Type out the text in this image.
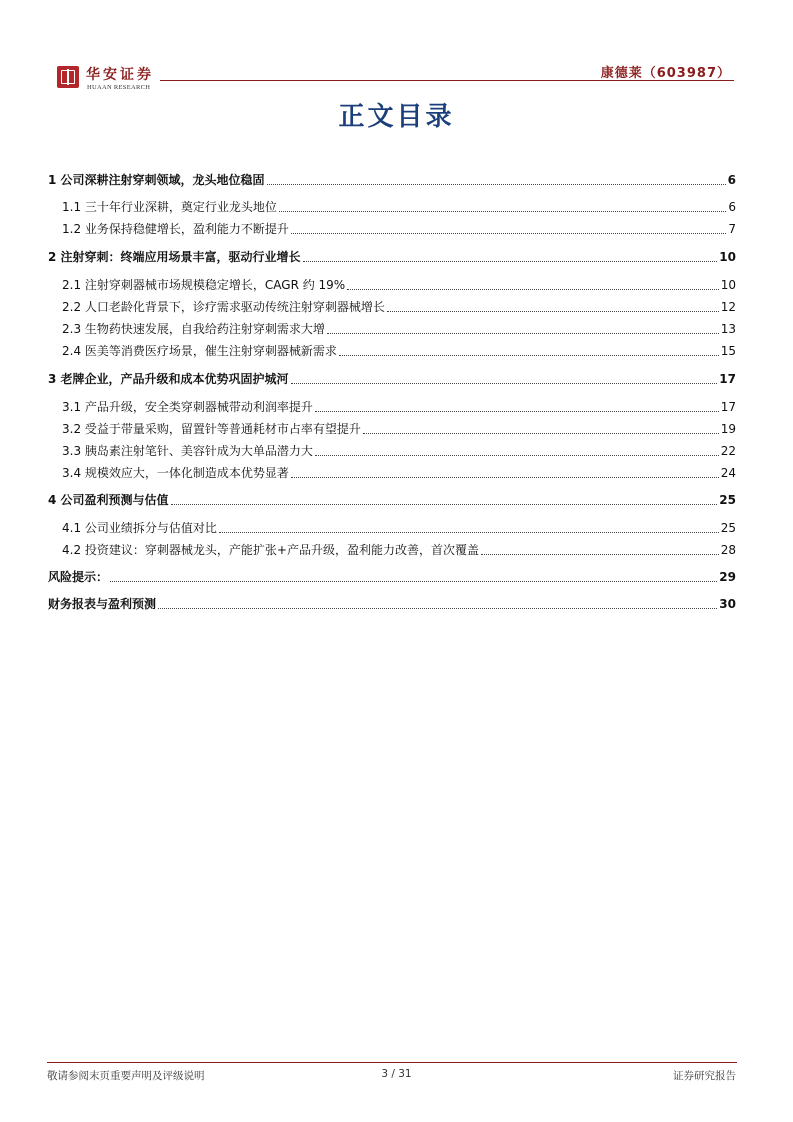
华安证券
HUAAN RESEARCH
康德莱（603987）
正文目录
1 公司深耕注射穿刺领域，龙头地位稳固	6
1.1 三十年行业深耕，奠定行业龙头地位	6
1.2 业务保持稳健增长，盈利能力不断提升	7
2 注射穿刺：终端应用场景丰富，驱动行业增长	10
2.1 注射穿刺器械市场规模稳定增长，CAGR 约 19%	10
2.2 人口老龄化背景下，诊疗需求驱动传统注射穿刺器械增长	12
2.3 生物药快速发展，自我给药注射穿刺需求大增	13
2.4 医美等消费医疗场景，催生注射穿刺器械新需求	15
3 老牌企业，产品升级和成本优势巩固护城河	17
3.1 产品升级，安全类穿刺器械带动利润率提升	17
3.2 受益于带量采购，留置针等普通耗材市占率有望提升	19
3.3 胰岛素注射笔针、美容针成为大单品潜力大	22
3.4 规模效应大，一体化制造成本优势显著	24
4 公司盈利预测与估值	25
4.1 公司业绩拆分与估值对比	25
4.2 投资建议：穿刺器械龙头，产能扩张+产品升级，盈利能力改善，首次覆盖	28
风险提示：	29
财务报表与盈利预测	30
敬请参阅末页重要声明及评级说明	3 / 31	证券研究报告
